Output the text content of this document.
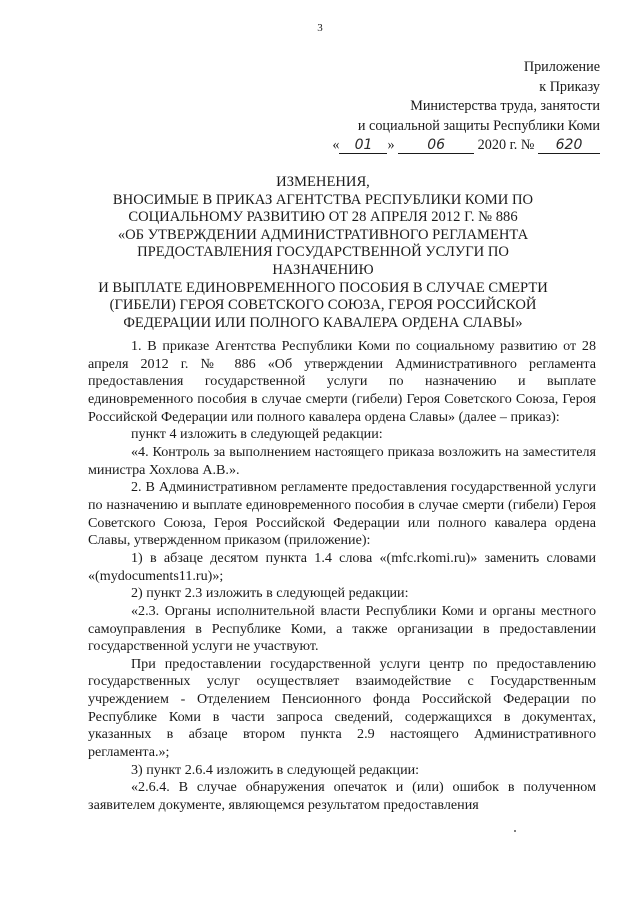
3
Приложение
к Приказу
Министерства труда, занятости
и социальной защиты Республики Коми
« 01 » 06 2020 г. № 620
ИЗМЕНЕНИЯ,
ВНОСИМЫЕ В ПРИКАЗ АГЕНТСТВА РЕСПУБЛИКИ КОМИ ПО
СОЦИАЛЬНОМУ РАЗВИТИЮ ОТ 28 АПРЕЛЯ 2012 Г. № 886
«ОБ УТВЕРЖДЕНИИ АДМИНИСТРАТИВНОГО РЕГЛАМЕНТА
ПРЕДОСТАВЛЕНИЯ ГОСУДАРСТВЕННОЙ УСЛУГИ ПО НАЗНАЧЕНИЮ
И ВЫПЛАТЕ ЕДИНОВРЕМЕННОГО ПОСОБИЯ В СЛУЧАЕ СМЕРТИ
(ГИБЕЛИ) ГЕРОЯ СОВЕТСКОГО СОЮЗА, ГЕРОЯ РОССИЙСКОЙ
ФЕДЕРАЦИИ ИЛИ ПОЛНОГО КАВАЛЕРА ОРДЕНА СЛАВЫ»

1. В приказе Агентства Республики Коми по социальному развитию от 28 апреля 2012 г. № 886 «Об утверждении Административного регламента предоставления государственной услуги по назначению и выплате единовременного пособия в случае смерти (гибели) Героя Советского Союза, Героя Российской Федерации или полного кавалера ордена Славы» (далее – приказ):

пункт 4 изложить в следующей редакции:

«4. Контроль за выполнением настоящего приказа возложить на заместителя министра Хохлова А.В.».

2. В Административном регламенте предоставления государственной услуги по назначению и выплате единовременного пособия в случае смерти (гибели) Героя Советского Союза, Героя Российской Федерации или полного кавалера ордена Славы, утвержденном приказом (приложение):

1) в абзаце десятом пункта 1.4 слова «(mfc.rkomi.ru)» заменить словами «(mydocuments11.ru)»;

2) пункт 2.3 изложить в следующей редакции:

«2.3. Органы исполнительной власти Республики Коми и органы местного самоуправления в Республике Коми, а также организации в предоставлении государственной услуги не участвуют.

При предоставлении государственной услуги центр по предоставлению государственных услуг осуществляет взаимодействие с Государственным учреждением - Отделением Пенсионного фонда Российской Федерации по Республике Коми в части запроса сведений, содержащихся в документах, указанных в абзаце втором пункта 2.9 настоящего Административного регламента.»;

3) пункт 2.6.4 изложить в следующей редакции:

«2.6.4. В случае обнаружения опечаток и (или) ошибок в полученном заявителем документе, являющемся результатом предоставления
